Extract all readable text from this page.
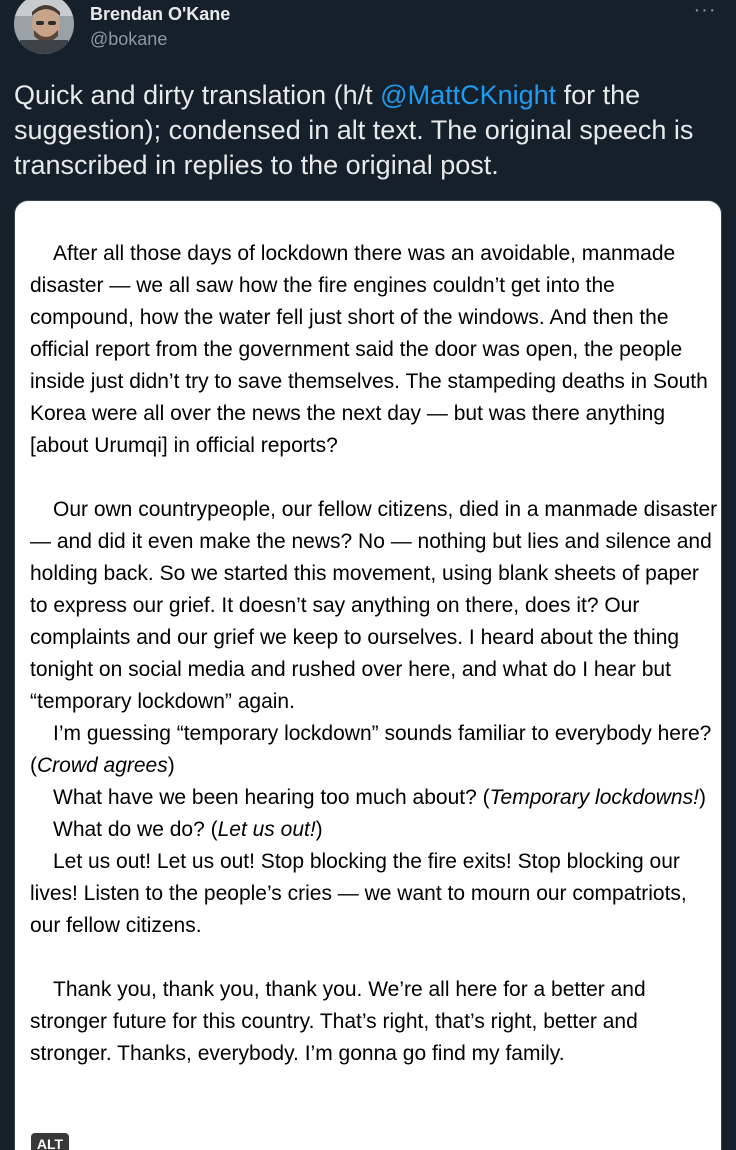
Brendan O'Kane
@bokane
···
Quick and dirty translation (h/t @MattCKnight for the suggestion); condensed in alt text. The original speech is transcribed in replies to the original post.

After all those days of lockdown there was an avoidable, manmade disaster — we all saw how the fire engines couldn’t get into the compound, how the water fell just short of the windows. And then the official report from the government said the door was open, the people inside just didn’t try to save themselves. The stampeding deaths in South Korea were all over the news the next day — but was there anything [about Urumqi] in official reports?

Our own countrypeople, our fellow citizens, died in a manmade disaster — and did it even make the news? No — nothing but lies and silence and holding back. So we started this movement, using blank sheets of paper to express our grief. It doesn’t say anything on there, does it? Our complaints and our grief we keep to ourselves. I heard about the thing tonight on social media and rushed over here, and what do I hear but “temporary lockdown” again.

I’m guessing “temporary lockdown” sounds familiar to everybody here? (Crowd agrees)

What have we been hearing too much about? (Temporary lockdowns!)

What do we do? (Let us out!)

Let us out! Let us out! Stop blocking the fire exits! Stop blocking our lives! Listen to the people’s cries — we want to mourn our compatriots, our fellow citizens.

Thank you, thank you, thank you. We’re all here for a better and stronger future for this country. That’s right, that’s right, better and stronger. Thanks, everybody. I’m gonna go find my family.

ALT
